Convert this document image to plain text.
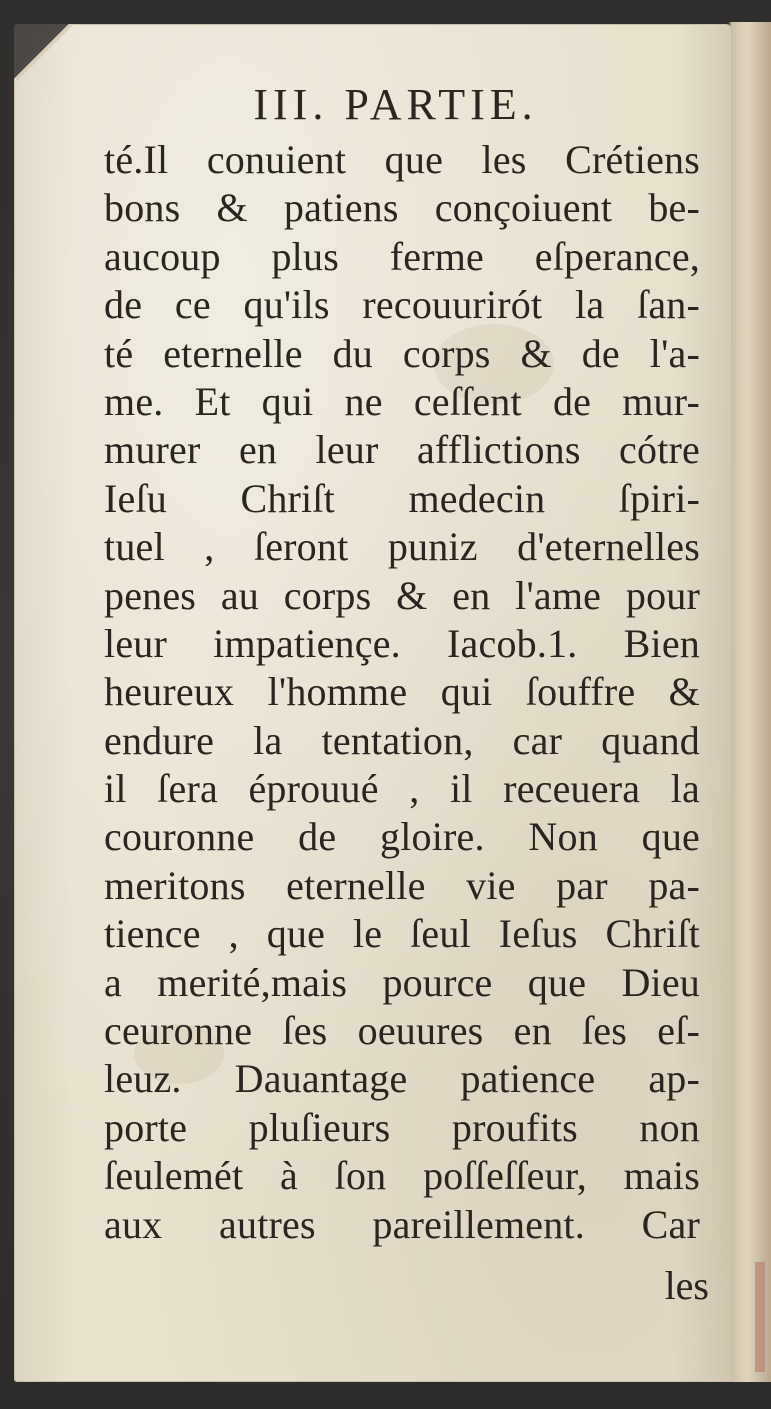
III. PARTIE.
té.Il conuient que les Crétiens
bons & patiens conçoiuent be-
aucoup plus ferme eſperance,
de ce qu'ils recouurirót la ſan-
té eternelle du corps & de l'a-
me. Et qui ne ceſſent de mur-
murer en leur afflictions cótre
Ieſu Chriſt medecin ſpiri-
tuel , ſeront puniz d'eternelles
penes au corps & en l'ame pour
leur impatiençe. Iacob.1. Bien
heureux l'homme qui ſouffre &
endure la tentation, car quand
il ſera éprouué , il receuera la
couronne de gloire. Non que
meritons eternelle vie par pa-
tience , que le ſeul Ieſus Chriſt
a merité,mais pource que Dieu
ceuronne ſes oeuures en ſes eſ-
leuz. Dauantage patience ap-
porte pluſieurs proufits non
ſeulemét à ſon poſſeſſeur, mais
aux autres pareillement. Car

les
